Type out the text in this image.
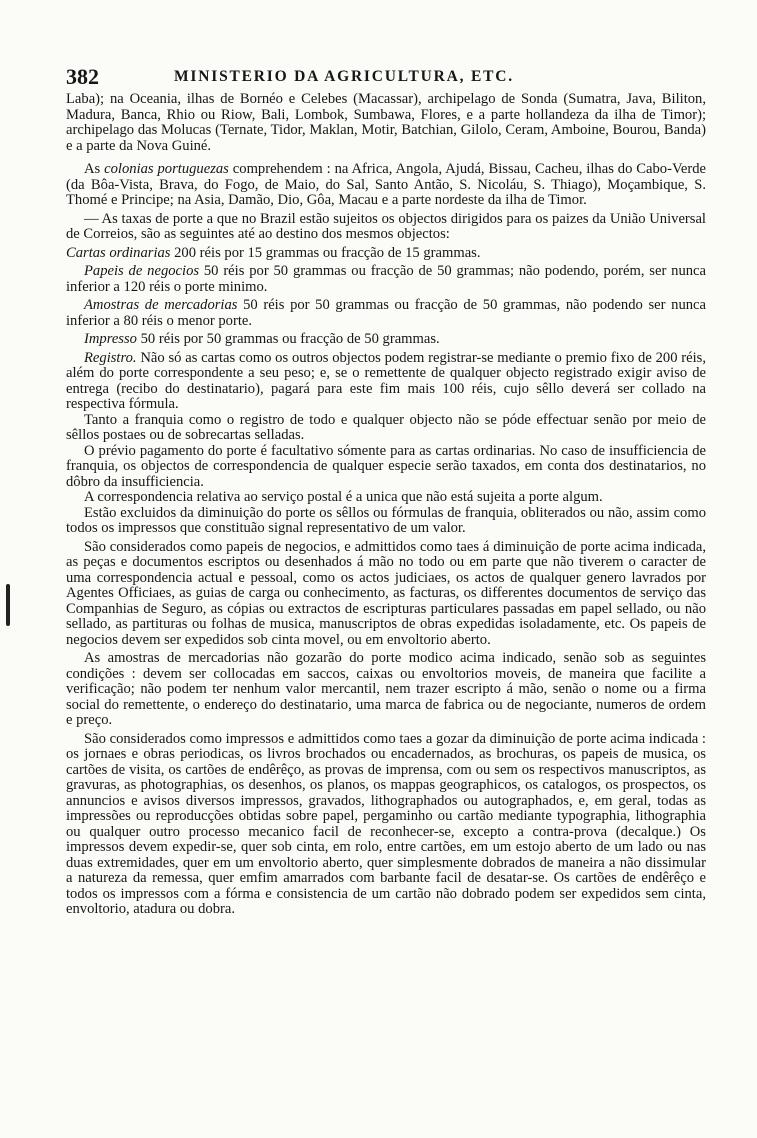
382	MINISTERIO DA AGRICULTURA, ETC.

Laba); na Oceania, ilhas de Bornéo e Celebes (Macassar), archipelago de Sonda (Sumatra, Java, Biliton, Madura, Banca, Rhio ou Riow, Bali, Lombok, Sumbawa, Flores, e a parte hollandeza da ilha de Timor); archipelago das Molucas (Ternate, Tidor, Maklan, Motir, Batchian, Gilolo, Ceram, Amboine, Bourou, Banda) e a parte da Nova Guiné.

As colonias portuguezas comprehendem : na Africa, Angola, Ajudá, Bissau, Cacheu, ilhas do Cabo-Verde (da Bôa-Vista, Brava, do Fogo, de Maio, do Sal, Santo Antão, S. Nicoláu, S. Thiago), Moçambique, S. Thomé e Principe; na Asia, Damão, Dio, Gôa, Macau e a parte nordeste da ilha de Timor.

— As taxas de porte a que no Brazil estão sujeitos os objectos dirigidos para os paizes da União Universal de Correios, são as seguintes até ao destino dos mesmos objectos:

Cartas ordinarias 200 réis por 15 grammas ou fracção de 15 grammas.

Papeis de negocios 50 réis por 50 grammas ou fracção de 50 grammas; não podendo, porém, ser nunca inferior a 120 réis o porte minimo.

Amostras de mercadorias 50 réis por 50 grammas ou fracção de 50 grammas, não podendo ser nunca inferior a 80 réis o menor porte.

Impresso 50 réis por 50 grammas ou fracção de 50 grammas.

Registro. Não só as cartas como os outros objectos podem registrar-se mediante o premio fixo de 200 réis, além do porte correspondente a seu peso; e, se o remettente de qualquer objecto registrado exigir aviso de entrega (recibo do destinatario), pagará para este fim mais 100 réis, cujo sêllo deverá ser collado na respectiva fórmula.

Tanto a franquia como o registro de todo e qualquer objecto não se póde effectuar senão por meio de sêllos postaes ou de sobrecartas selladas.

O prévio pagamento do porte é facultativo sómente para as cartas ordinarias. No caso de insufficiencia de franquia, os objectos de correspondencia de qualquer especie serão taxados, em conta dos destinatarios, no dôbro da insufficiencia.

A correspondencia relativa ao serviço postal é a unica que não está sujeita a porte algum.

Estão excluidos da diminuição do porte os sêllos ou fórmulas de franquia, obliterados ou não, assim como todos os impressos que constituão signal representativo de um valor.

São considerados como papeis de negocios, e admittidos como taes á diminuição de porte acima indicada, as peças e documentos escriptos ou desenhados á mão no todo ou em parte que não tiverem o caracter de uma correspondencia actual e pessoal, como os actos judiciaes, os actos de qualquer genero lavrados por Agentes Officiaes, as guias de carga ou conhecimento, as facturas, os differentes documentos de serviço das Companhias de Seguro, as cópias ou extractos de escripturas particulares passadas em papel sellado, ou não sellado, as partituras ou folhas de musica, manuscriptos de obras expedidas isoladamente, etc. Os papeis de negocios devem ser expedidos sob cinta movel, ou em envoltorio aberto.

As amostras de mercadorias não gozarão do porte modico acima indicado, senão sob as seguintes condições : devem ser collocadas em saccos, caixas ou envoltorios moveis, de maneira que facilite a verificação; não podem ter nenhum valor mercantil, nem trazer escripto á mão, senão o nome ou a firma social do remettente, o endereço do destinatario, uma marca de fabrica ou de negociante, numeros de ordem e preço.

São considerados como impressos e admittidos como taes a gozar da diminuição de porte acima indicada : os jornaes e obras periodicas, os livros brochados ou encadernados, as brochuras, os papeis de musica, os cartões de visita, os cartões de endêrêço, as provas de imprensa, com ou sem os respectivos manuscriptos, as gravuras, as photographias, os desenhos, os planos, os mappas geographicos, os catalogos, os prospectos, os annuncios e avisos diversos impressos, gravados, lithographados ou autographados, e, em geral, todas as impressões ou reproducções obtidas sobre papel, pergaminho ou cartão mediante typographia, lithographia ou qualquer outro processo mecanico facil de reconhecer-se, excepto a contra-prova (decalque.) Os impressos devem expedir-se, quer sob cinta, em rolo, entre cartões, em um estojo aberto de um lado ou nas duas extremidades, quer em um envoltorio aberto, quer simplesmente dobrados de maneira a não dissimular a natureza da remessa, quer emfim amarrados com barbante facil de desatar-se. Os cartões de endêrêço e todos os impressos com a fórma e consistencia de um cartão não dobrado podem ser expedidos sem cinta, envoltorio, atadura ou dobra.
